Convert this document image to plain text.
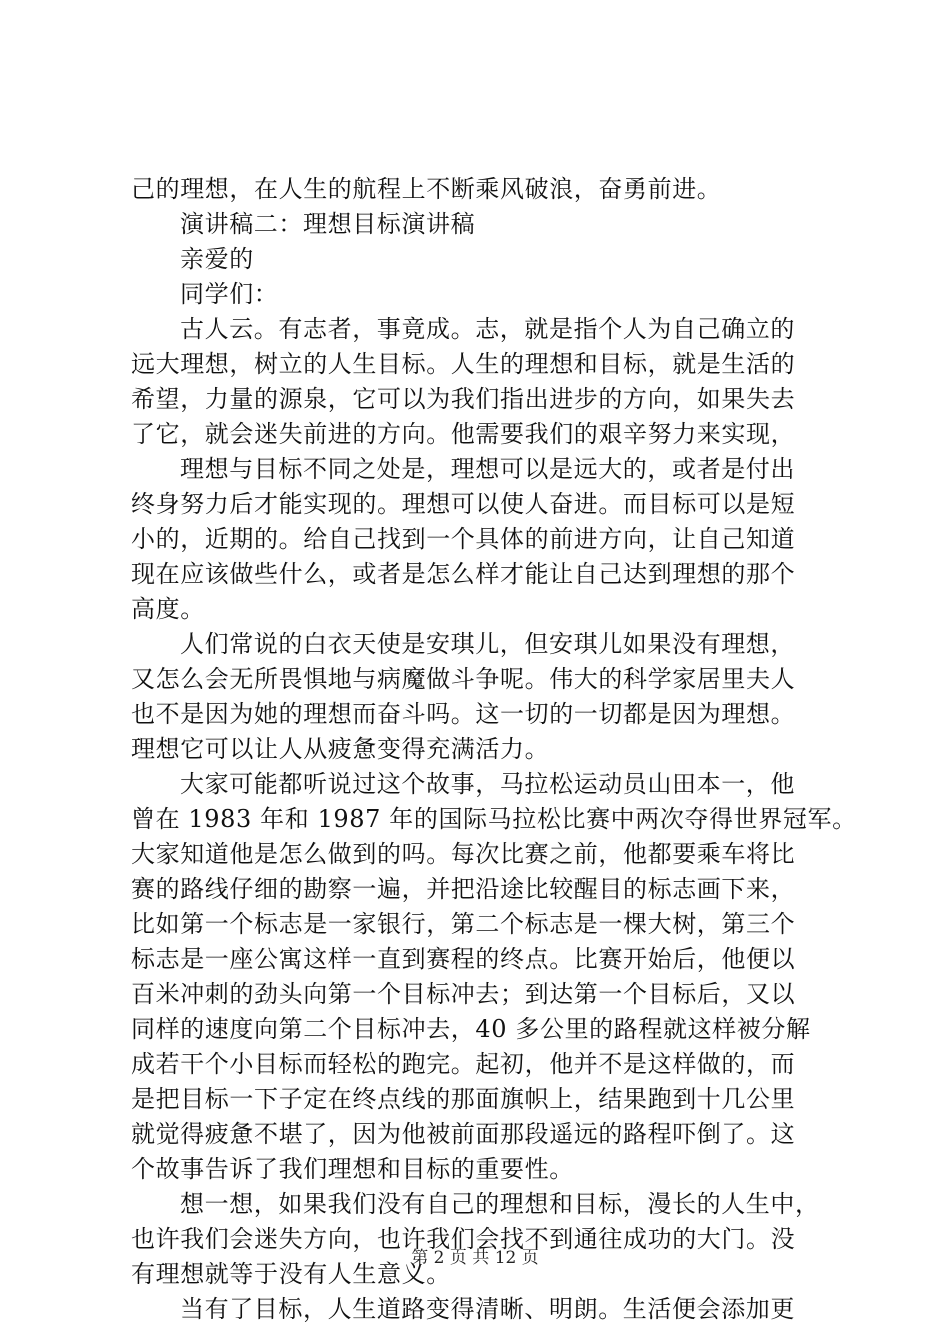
己的理想，在人生的航程上不断乘风破浪，奋勇前进。
演讲稿二：理想目标演讲稿
亲爱的
同学们：
古人云。有志者，事竟成。志，就是指个人为自己确立的
远大理想，树立的人生目标。人生的理想和目标，就是生活的
希望，力量的源泉，它可以为我们指出进步的方向，如果失去
了它，就会迷失前进的方向。他需要我们的艰辛努力来实现，
理想与目标不同之处是，理想可以是远大的，或者是付出
终身努力后才能实现的。理想可以使人奋进。而目标可以是短
小的，近期的。给自己找到一个具体的前进方向，让自己知道
现在应该做些什么，或者是怎么样才能让自己达到理想的那个
高度。
人们常说的白衣天使是安琪儿，但安琪儿如果没有理想，
又怎么会无所畏惧地与病魔做斗争呢。伟大的科学家居里夫人
也不是因为她的理想而奋斗吗。这一切的一切都是因为理想。
理想它可以让人从疲惫变得充满活力。
大家可能都听说过这个故事，马拉松运动员山田本一，他
曾在 1983 年和 1987 年的国际马拉松比赛中两次夺得世界冠军。
大家知道他是怎么做到的吗。每次比赛之前，他都要乘车将比
赛的路线仔细的勘察一遍，并把沿途比较醒目的标志画下来，
比如第一个标志是一家银行，第二个标志是一棵大树，第三个
标志是一座公寓这样一直到赛程的终点。比赛开始后，他便以
百米冲刺的劲头向第一个目标冲去；到达第一个目标后，又以
同样的速度向第二个目标冲去，40 多公里的路程就这样被分解
成若干个小目标而轻松的跑完。起初，他并不是这样做的，而
是把目标一下子定在终点线的那面旗帜上，结果跑到十几公里
就觉得疲惫不堪了，因为他被前面那段遥远的路程吓倒了。这
个故事告诉了我们理想和目标的重要性。
想一想，如果我们没有自己的理想和目标，漫长的人生中，
也许我们会迷失方向，也许我们会找不到通往成功的大门。没
有理想就等于没有人生意义。
当有了目标，人生道路变得清晰、明朗。生活便会添加更
第 2 页 共 12 页
